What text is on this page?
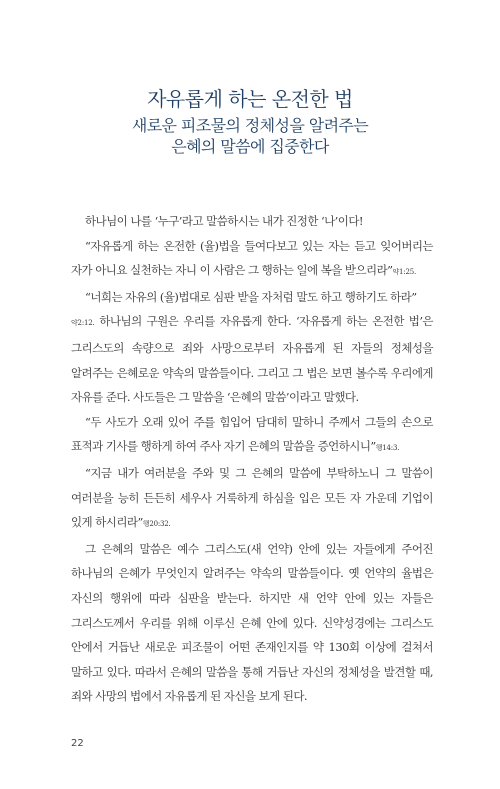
자유롭게 하는 온전한 법
새로운 피조물의 정체성을 알려주는
은혜의 말씀에 집중한다

하나님이 나를 ‘누구’라고 말씀하시는 내가 진정한 ‘나’이다!

“자유롭게 하는 온전한 (율)법을 들여다보고 있는 자는 듣고 잊어버리는 자가 아니요 실천하는 자니 이 사람은 그 행하는 일에 복을 받으리라”약1:25.

“너희는 자유의 (율)법대로 심판 받을 자처럼 말도 하고 행하기도 하라”

약2:12. 하나님의 구원은 우리를 자유롭게 한다. ‘자유롭게 하는 온전한 법’은 그리스도의 속량으로 죄와 사망으로부터 자유롭게 된 자들의 정체성을 알려주는 은혜로운 약속의 말씀들이다. 그리고 그 법은 보면 볼수록 우리에게 자유를 준다. 사도들은 그 말씀을 ‘은혜의 말씀’이라고 말했다.

“두 사도가 오래 있어 주를 힘입어 담대히 말하니 주께서 그들의 손으로 표적과 기사를 행하게 하여 주사 자기 은혜의 말씀을 증언하시니”행14:3.

“지금 내가 여러분을 주와 및 그 은혜의 말씀에 부탁하노니 그 말씀이 여러분을 능히 든든히 세우사 거룩하게 하심을 입은 모든 자 가운데 기업이 있게 하시리라”행20:32.

그 은혜의 말씀은 예수 그리스도(새 언약) 안에 있는 자들에게 주어진 하나님의 은혜가 무엇인지 알려주는 약속의 말씀들이다. 옛 언약의 율법은 자신의 행위에 따라 심판을 받는다. 하지만 새 언약 안에 있는 자들은 그리스도께서 우리를 위해 이루신 은혜 안에 있다. 신약성경에는 그리스도 안에서 거듭난 새로운 피조물이 어떤 존재인지를 약 130회 이상에 걸쳐서 말하고 있다. 따라서 은혜의 말씀을 통해 거듭난 자신의 정체성을 발견할 때, 죄와 사망의 법에서 자유롭게 된 자신을 보게 된다.

22
